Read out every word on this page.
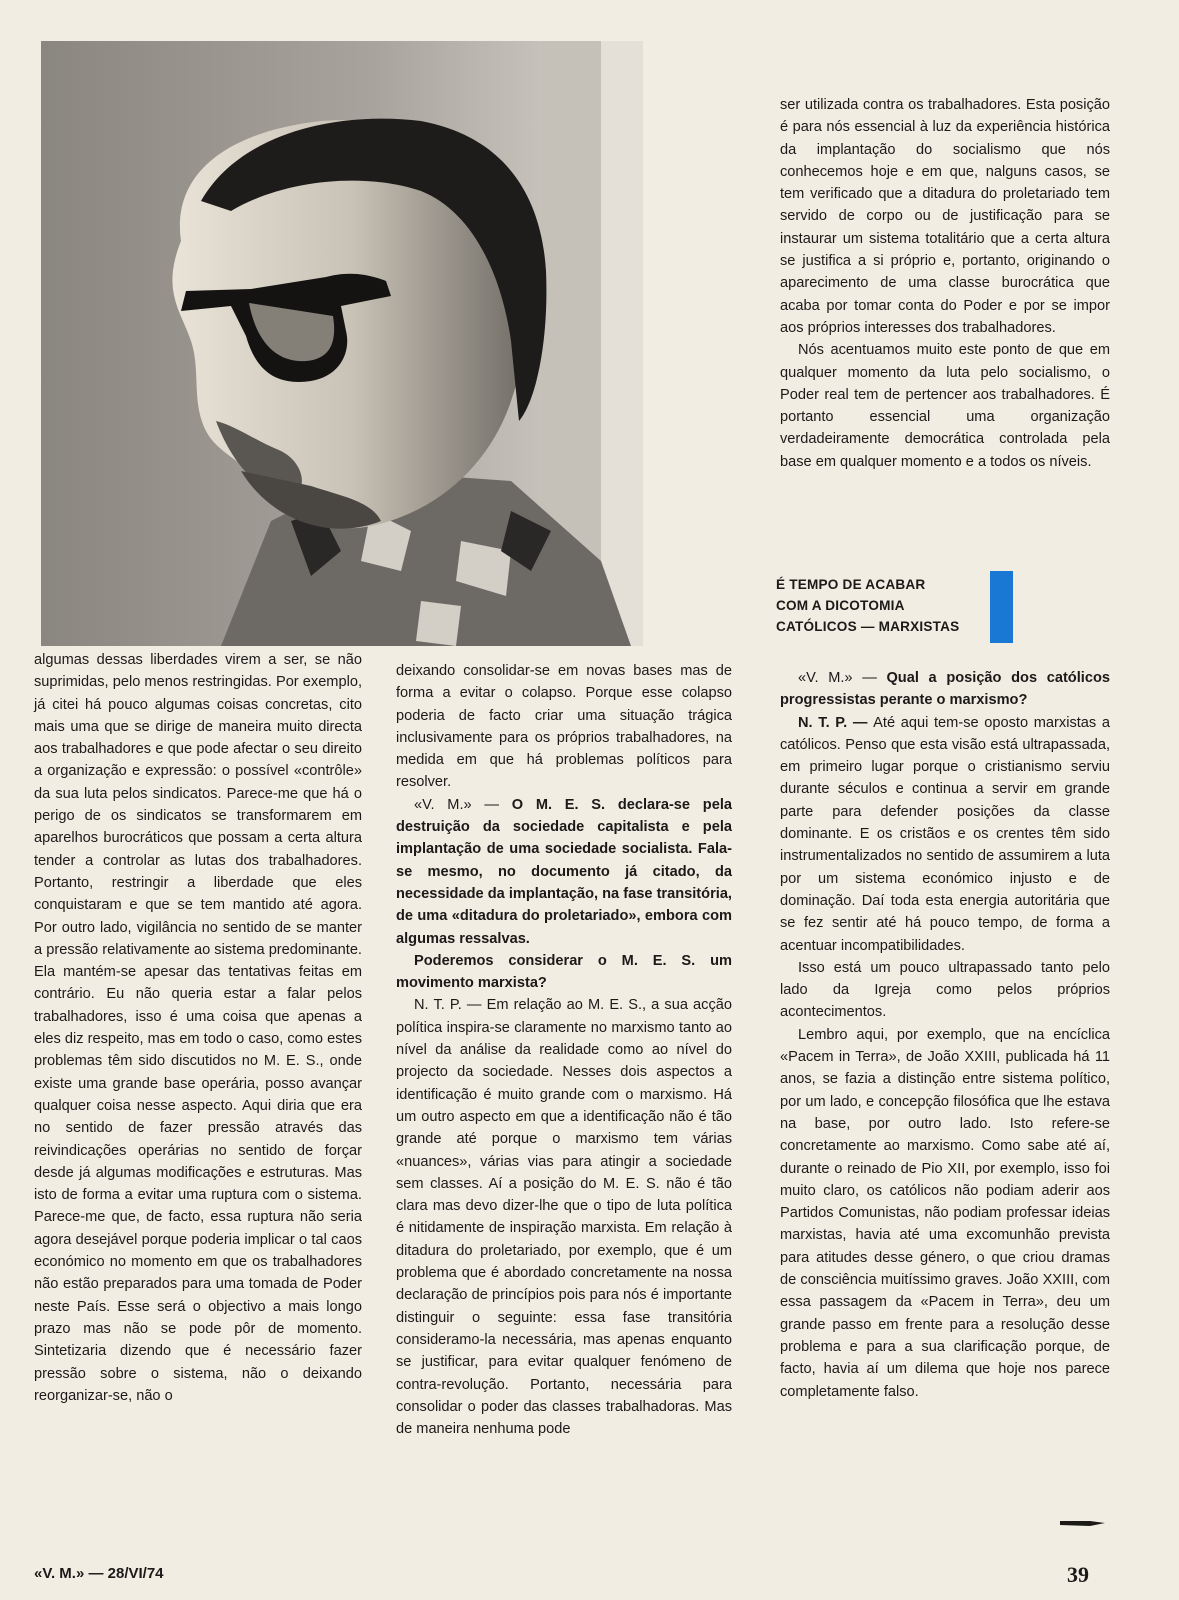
algumas dessas liberdades virem a ser, se não suprimidas, pelo menos restringidas. Por exemplo, já citei há pouco algumas coisas concretas, cito mais uma que se dirige de maneira muito directa aos trabalhadores e que pode afectar o seu direito a organização e expressão: o possível «contrôle» da sua luta pelos sindicatos. Parece-me que há o perigo de os sindicatos se transformarem em aparelhos burocráticos que possam a certa altura tender a controlar as lutas dos trabalhadores. Portanto, restringir a liberdade que eles conquistaram e que se tem mantido até agora. Por outro lado, vigilância no sentido de se manter a pressão relativamente ao sistema predominante. Ela mantém-se apesar das tentativas feitas em contrário. Eu não queria estar a falar pelos trabalhadores, isso é uma coisa que apenas a eles diz respeito, mas em todo o caso, como estes problemas têm sido discutidos no M. E. S., onde existe uma grande base operária, posso avançar qualquer coisa nesse aspecto. Aqui diria que era no sentido de fazer pressão através das reivindicações operárias no sentido de forçar desde já algumas modificações e estruturas. Mas isto de forma a evitar uma ruptura com o sistema. Parece-me que, de facto, essa ruptura não seria agora desejável porque poderia implicar o tal caos económico no momento em que os trabalhadores não estão preparados para uma tomada de Poder neste País. Esse será o objectivo a mais longo prazo mas não se pode pôr de momento. Sintetizaria dizendo que é necessário fazer pressão sobre o sistema, não o deixando reorganizar-se, não o

deixando consolidar-se em novas bases mas de forma a evitar o colapso. Porque esse colapso poderia de facto criar uma situação trágica inclusivamente para os próprios trabalhadores, na medida em que há problemas políticos para resolver.

«V. M.» — O M. E. S. declara-se pela destruição da sociedade capitalista e pela implantação de uma sociedade socialista. Fala-se mesmo, no documento já citado, da necessidade da implantação, na fase transitória, de uma «ditadura do proletariado», embora com algumas ressalvas.

Poderemos considerar o M. E. S. um movimento marxista?

N. T. P. — Em relação ao M. E. S., a sua acção política inspira-se claramente no marxismo tanto ao nível da análise da realidade como ao nível do projecto da sociedade. Nesses dois aspectos a identificação é muito grande com o marxismo. Há um outro aspecto em que a identificação não é tão grande até porque o marxismo tem várias «nuances», várias vias para atingir a sociedade sem classes. Aí a posição do M. E. S. não é tão clara mas devo dizer-lhe que o tipo de luta política é nitidamente de inspiração marxista. Em relação à ditadura do proletariado, por exemplo, que é um problema que é abordado concretamente na nossa declaração de princípios pois para nós é importante distinguir o seguinte: essa fase transitória consideramo-la necessária, mas apenas enquanto se justificar, para evitar qualquer fenómeno de contra-revolução. Portanto, necessária para consolidar o poder das classes trabalhadoras. Mas de maneira nenhuma pode

ser utilizada contra os trabalhadores. Esta posição é para nós essencial à luz da experiência histórica da implantação do socialismo que nós conhecemos hoje e em que, nalguns casos, se tem verificado que a ditadura do proletariado tem servido de corpo ou de justificação para se instaurar um sistema totalitário que a certa altura se justifica a si próprio e, portanto, originando o aparecimento de uma classe burocrática que acaba por tomar conta do Poder e por se impor aos próprios interesses dos trabalhadores.

Nós acentuamos muito este ponto de que em qualquer momento da luta pelo socialismo, o Poder real tem de pertencer aos trabalhadores. É portanto essencial uma organização verdadeiramente democrática controlada pela base em qualquer momento e a todos os níveis.

É TEMPO DE ACABAR
COM A DICOTOMIA
CATÓLICOS — MARXISTAS

«V. M.» — Qual a posição dos católicos progressistas perante o marxismo?

N. T. P. — Até aqui tem-se oposto marxistas a católicos. Penso que esta visão está ultrapassada, em primeiro lugar porque o cristianismo serviu durante séculos e continua a servir em grande parte para defender posições da classe dominante. E os cristãos e os crentes têm sido instrumentalizados no sentido de assumirem a luta por um sistema económico injusto e de dominação. Daí toda esta energia autoritária que se fez sentir até há pouco tempo, de forma a acentuar incompatibilidades.

Isso está um pouco ultrapassado tanto pelo lado da Igreja como pelos próprios acontecimentos.

Lembro aqui, por exemplo, que na encíclica «Pacem in Terra», de João XXIII, publicada há 11 anos, se fazia a distinção entre sistema político, por um lado, e concepção filosófica que lhe estava na base, por outro lado. Isto refere-se concretamente ao marxismo. Como sabe até aí, durante o reinado de Pio XII, por exemplo, isso foi muito claro, os católicos não podiam aderir aos Partidos Comunistas, não podiam professar ideias marxistas, havia até uma excomunhão prevista para atitudes desse género, o que criou dramas de consciência muitíssimo graves. João XXIII, com essa passagem da «Pacem in Terra», deu um grande passo em frente para a resolução desse problema e para a sua clarificação porque, de facto, havia aí um dilema que hoje nos parece completamente falso.

«V. M.» — 28/VI/74	39
